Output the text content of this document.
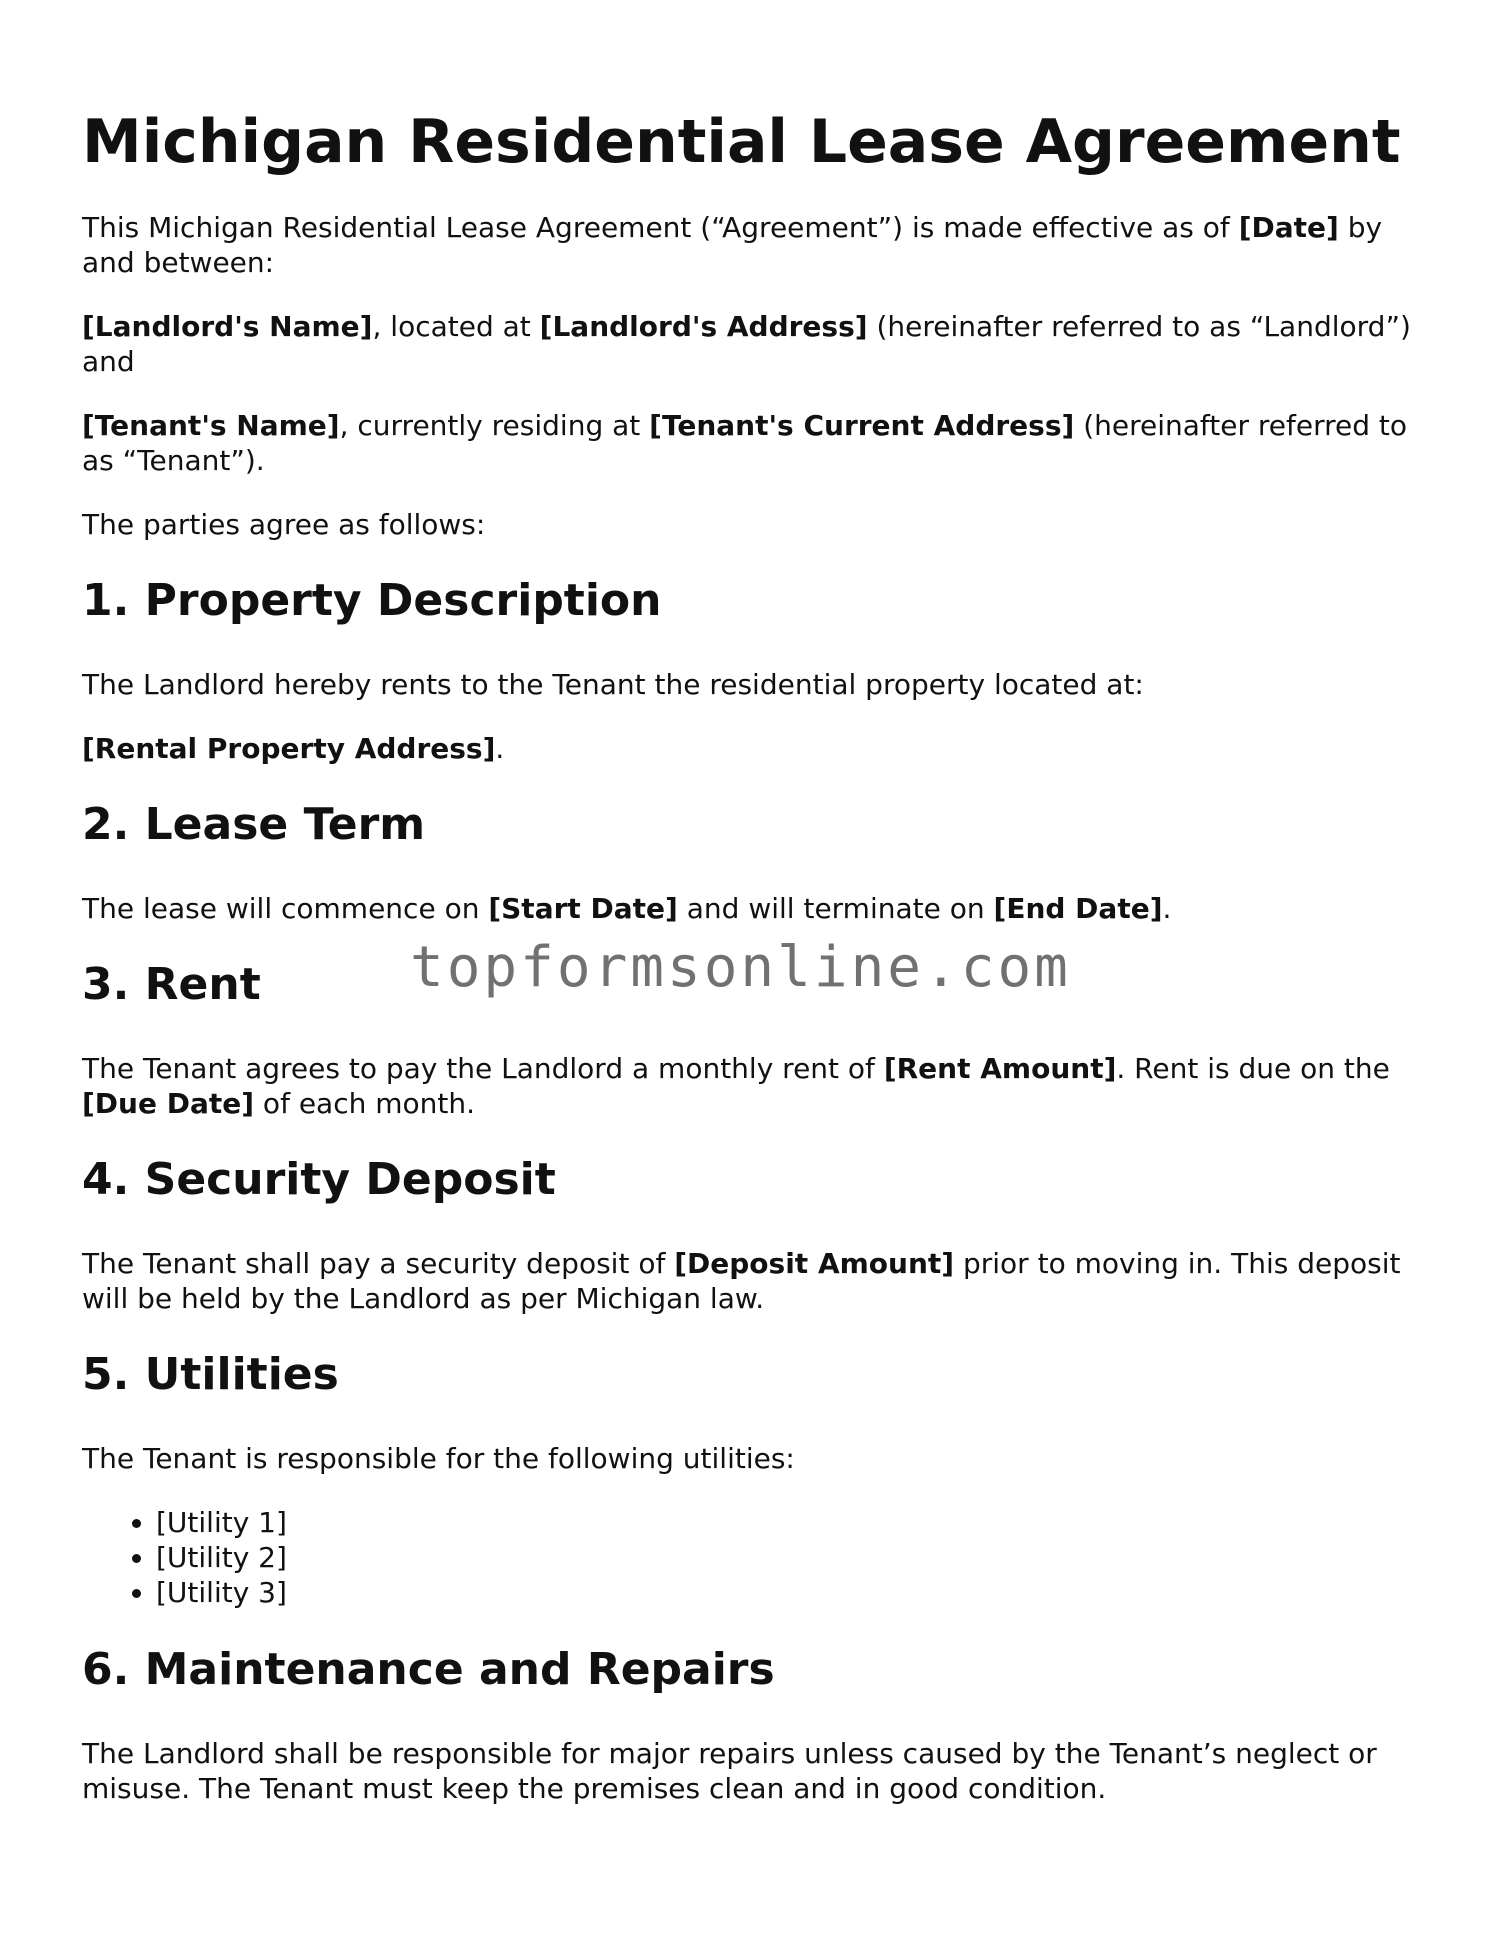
Michigan Residential Lease Agreement

This Michigan Residential Lease Agreement (“Agreement”) is made effective as of [Date] by and between:

[Landlord's Name], located at [Landlord's Address] (hereinafter referred to as “Landlord”) and

[Tenant's Name], currently residing at [Tenant's Current Address] (hereinafter referred to as “Tenant”).

The parties agree as follows:

1. Property Description

The Landlord hereby rents to the Tenant the residential property located at:

[Rental Property Address].

2. Lease Term

The lease will commence on [Start Date] and will terminate on [End Date].

3. Rent

The Tenant agrees to pay the Landlord a monthly rent of [Rent Amount]. Rent is due on the [Due Date] of each month.

4. Security Deposit

The Tenant shall pay a security deposit of [Deposit Amount] prior to moving in. This deposit will be held by the Landlord as per Michigan law.

5. Utilities

The Tenant is responsible for the following utilities:

• [Utility 1]
• [Utility 2]
• [Utility 3]
6. Maintenance and Repairs

The Landlord shall be responsible for major repairs unless caused by the Tenant’s neglect or misuse. The Tenant must keep the premises clean and in good condition.

topformsonline.com
